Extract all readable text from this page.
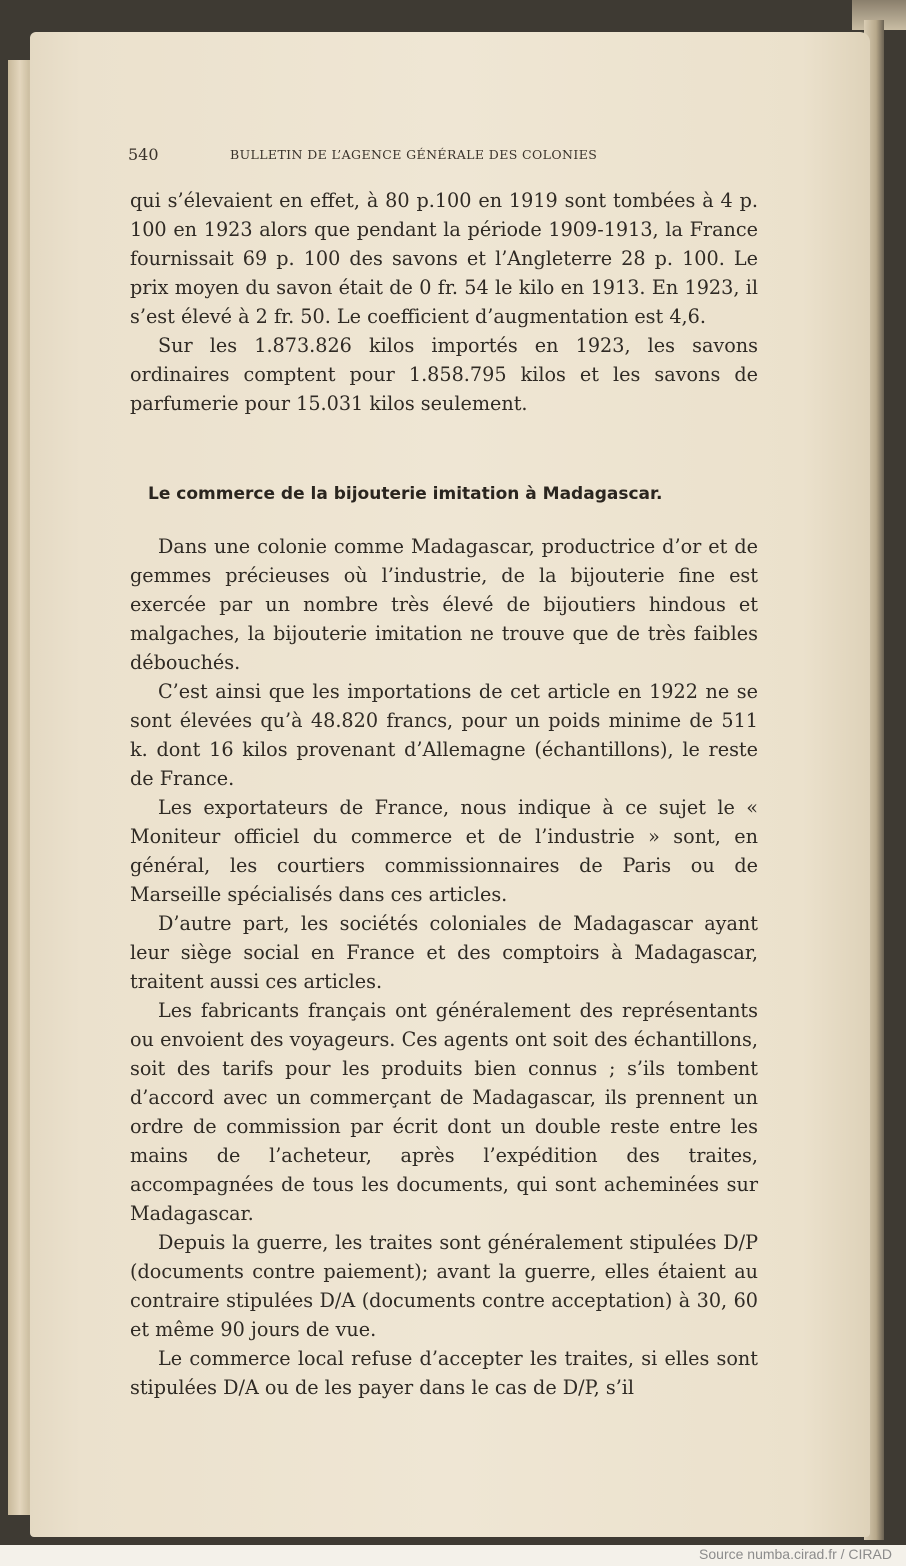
540	BULLETIN DE L’AGENCE GÉNÉRALE DES COLONIES

qui s’élevaient en effet, à 80 p.100 en 1919 sont tombées à 4 p. 100 en 1923 alors que pendant la période 1909-1913, la France fournissait 69 p. 100 des savons et l’Angleterre 28 p. 100. Le prix moyen du savon était de 0 fr. 54 le kilo en 1913. En 1923, il s’est élevé à 2 fr. 50. Le coefficient d’augmentation est 4,6.

Sur les 1.873.826 kilos importés en 1923, les savons ordinaires comptent pour 1.858.795 kilos et les savons de parfumerie pour 15.031 kilos seulement.

Le commerce de la bijouterie imitation à Madagascar.

Dans une colonie comme Madagascar, productrice d’or et de gemmes précieuses où l’industrie, de la bijouterie fine est exercée par un nombre très élevé de bijoutiers hindous et malgaches, la bijouterie imitation ne trouve que de très faibles débouchés.

C’est ainsi que les importations de cet article en 1922 ne se sont élevées qu’à 48.820 francs, pour un poids minime de 511 k. dont 16 kilos provenant d’Allemagne (échantillons), le reste de France.

Les exportateurs de France, nous indique à ce sujet le « Moniteur officiel du commerce et de l’industrie » sont, en général, les courtiers commissionnaires de Paris ou de Marseille spécialisés dans ces articles.

D’autre part, les sociétés coloniales de Madagascar ayant leur siège social en France et des comptoirs à Madagascar, traitent aussi ces articles.

Les fabricants français ont généralement des représentants ou envoient des voyageurs. Ces agents ont soit des échantillons, soit des tarifs pour les produits bien connus ; s’ils tombent d’accord avec un commerçant de Madagascar, ils prennent un ordre de commission par écrit dont un double reste entre les mains de l’acheteur, après l’expédition des traites, accompagnées de tous les documents, qui sont acheminées sur Madagascar.

Depuis la guerre, les traites sont généralement stipulées D/P (documents contre paiement); avant la guerre, elles étaient au contraire stipulées D/A (documents contre acceptation) à 30, 60 et même 90 jours de vue.

Le commerce local refuse d’accepter les traites, si elles sont stipulées D/A ou de les payer dans le cas de D/P, s’il

Source numba.cirad.fr / CIRAD
